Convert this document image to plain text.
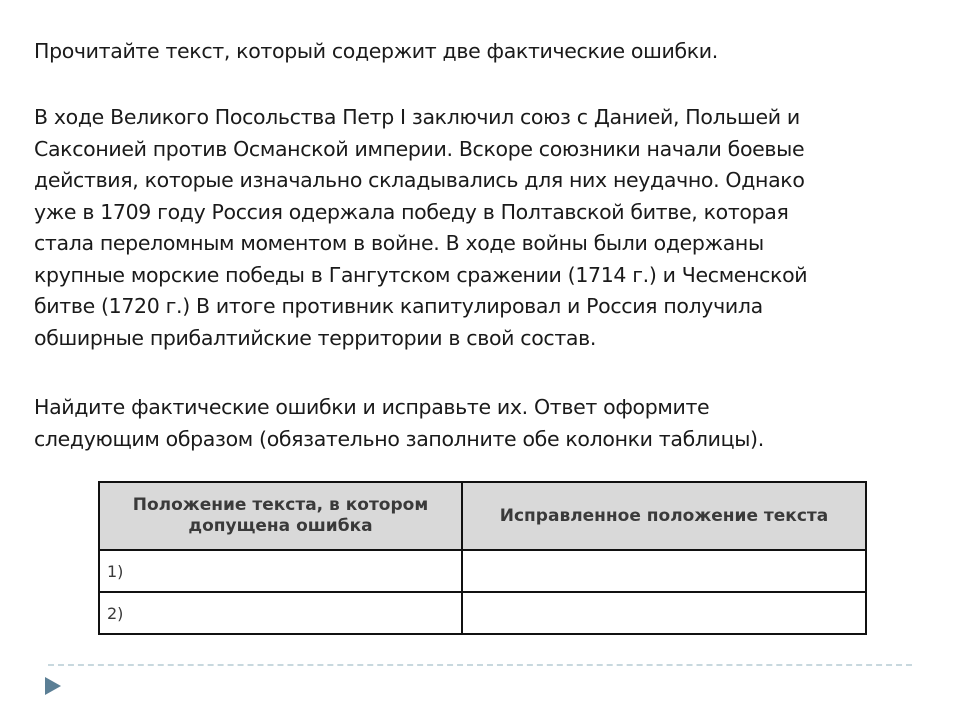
Прочитайте текст, который содержит две фактические ошибки.

В ходе Великого Посольства Петр I заключил союз с Данией, Польшей и
Саксонией против Османской империи. Вскоре союзники начали боевые
действия, которые изначально складывались для них неудачно. Однако
уже в 1709 году Россия одержала победу в Полтавской битве, которая
стала переломным моментом в войне. В ходе войны были одержаны
крупные морские победы в Гангутском сражении (1714 г.) и Чесменской
битве (1720 г.) В итоге противник капитулировал и Россия получила
обширные прибалтийские территории в свой состав.

Найдите фактические ошибки и исправьте их. Ответ оформите
следующим образом (обязательно заполните обе колонки таблицы).

Положение текста, в котором
допущена ошибка	Исправленное положение текста
1)	
2)	
